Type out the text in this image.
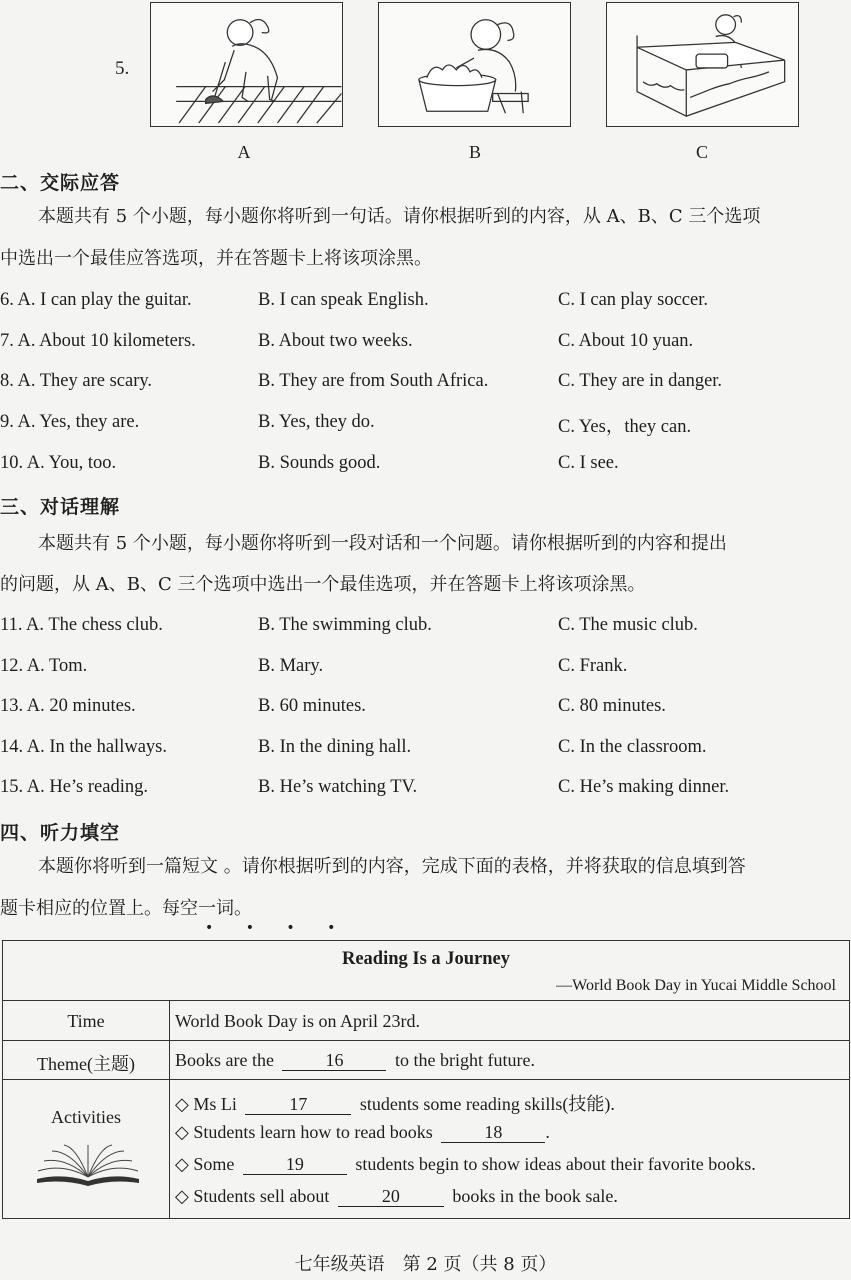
5.
A	B	C
二、交际应答
本题共有 5 个小题，每小题你将听到一句话。请你根据听到的内容，从 A、B、C 三个选项
中选出一个最佳应答选项，并在答题卡上将该项涂黑。
6. A. I can play the guitar.	B. I can speak English.	C. I can play soccer.
7. A. About 10 kilometers.	B. About two weeks.	C. About 10 yuan.
8. A. They are scary.	B. They are from South Africa.	C. They are in danger.
9. A. Yes, they are.	B. Yes, they do.	C. Yes，they can.
10. A. You, too.	B. Sounds good.	C. I see.
三、对话理解
本题共有 5 个小题，每小题你将听到一段对话和一个问题。请你根据听到的内容和提出
的问题，从 A、B、C 三个选项中选出一个最佳选项，并在答题卡上将该项涂黑。
11. A. The chess club.	B. The swimming club.	C. The music club.
12. A. Tom.	B. Mary.	C. Frank.
13. A. 20 minutes.	B. 60 minutes.	C. 80 minutes.
14. A. In the hallways.	B. In the dining hall.	C. In the classroom.
15. A. He’s reading.	B. He’s watching TV.	C. He’s making dinner.
四、听力填空
本题你将听到一篇短文 。请你根据听到的内容，完成下面的表格，并将获取的信息填到答
题卡相应的位置上。每空一词。
• • • •
Reading Is a Journey
—World Book Day in Yucai Middle School
Time	World Book Day is on April 23rd.
Theme(主题)	Books are the	16	to the bright future.
Activities
◇ Ms Li	17	students some reading skills(技能).
◇ Students learn how to read books	18 .
◇ Some	19	students begin to show ideas about their favorite books.
◇ Students sell about	20	books in the book sale.
七年级英语　第 2 页（共 8 页）
